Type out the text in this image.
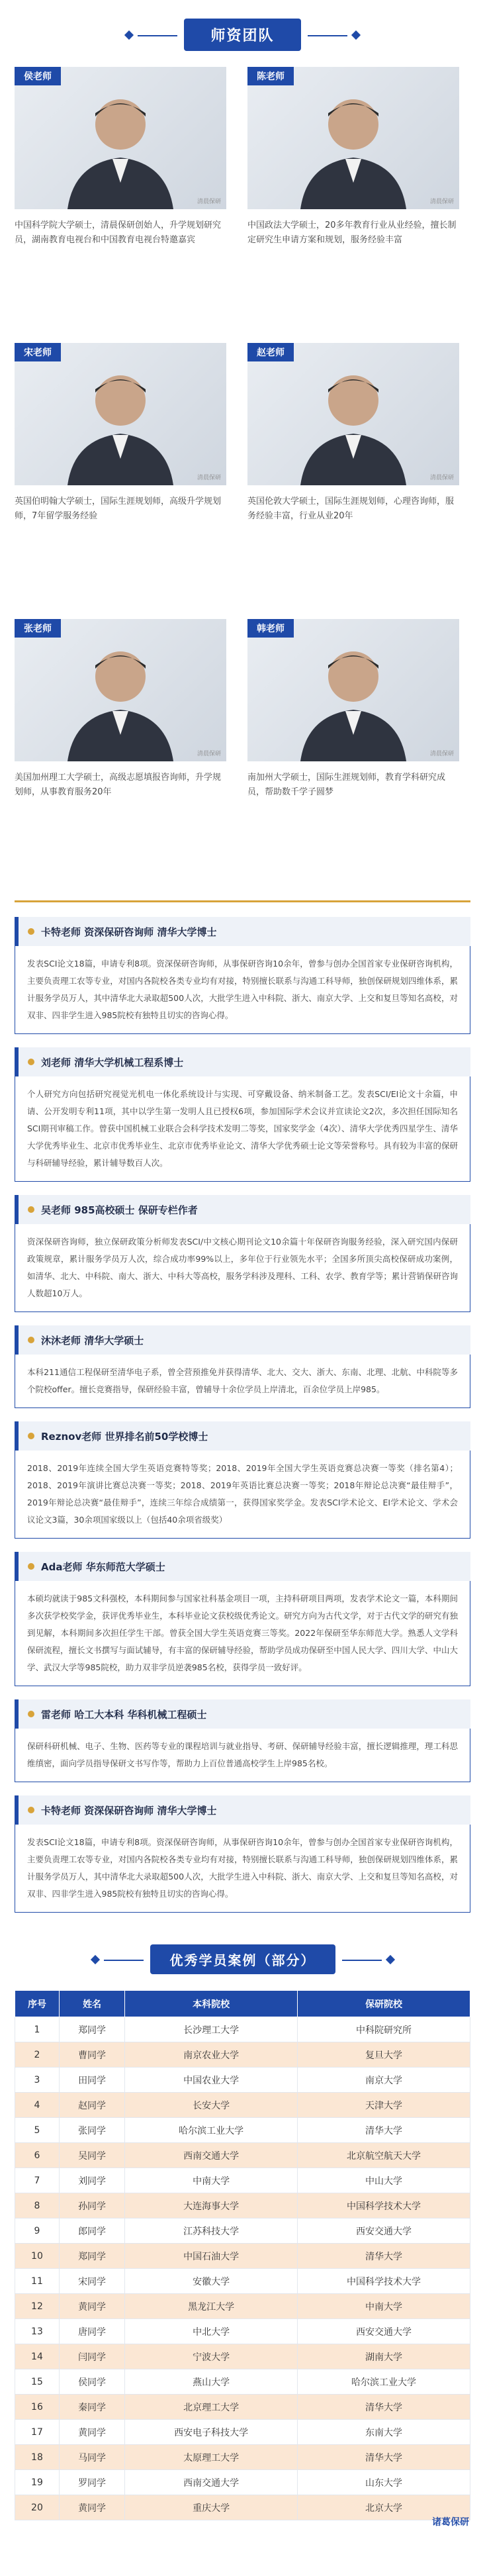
师资团队
侯老师
清晨保研

中国科学院大学硕士，清晨保研创始人，升学规划研究员，湖南教育电视台和中国教育电视台特邀嘉宾

陈老师
清晨保研

中国政法大学硕士，20多年教育行业从业经验，擅长制定研究生申请方案和规划，服务经验丰富

宋老师
清晨保研

英国伯明翰大学硕士，国际生涯规划师，高级升学规划师，7年留学服务经验

赵老师
清晨保研

英国伦敦大学硕士，国际生涯规划师，心理咨询师，服务经验丰富，行业从业20年

张老师
清晨保研

美国加州理工大学硕士，高级志愿填报咨询师，升学规划师，从事教育服务20年

韩老师
清晨保研

南加州大学硕士，国际生涯规划师，教育学科研究成员，帮助数千学子圆梦

卡特老师 资深保研咨询师 清华大学博士
发表SCI论文18篇，申请专利8项。资深保研咨询师，从事保研咨询10余年，曾参与创办全国首家专业保研咨询机构，主要负责理工农等专业，对国内各院校各类专业均有对接，特别擅长联系与沟通工科导师，独创保研规划四维体系，累计服务学员万人，其中清华北大录取超500人次，大批学生进入中科院、浙大、南京大学、上交和复旦等知名高校，对双非、四非学生进入985院校有独特且切实的咨询心得。
刘老师 清华大学机械工程系博士
个人研究方向包括研究视觉光机电一体化系统设计与实现、可穿戴设备、纳米制备工艺。发表SCI/EI论文十余篇，申请、公开发明专利11项，其中以学生第一发明人且已授权6项，参加国际学术会议并宣读论文2次，多次担任国际知名SCI期刊审稿工作。曾获中国机械工业联合会科学技术发明二等奖，国家奖学金（4次）、清华大学优秀四星学生、清华大学优秀毕业生、北京市优秀毕业生、北京市优秀毕业论文、清华大学优秀硕士论文等荣誉称号。具有较为丰富的保研与科研辅导经验，累计辅导数百人次。
吴老师 985高校硕士 保研专栏作者
资深保研咨询师，独立保研政策分析师发表SCI/中文核心期刊论文10余篇十年保研咨询服务经验，深入研究国内保研政策规章，累计服务学员万人次，综合成功率99%以上，多年位于行业领先水平；全国多所顶尖高校保研成功案例，如清华、北大、中科院、南大、浙大、中科大等高校，服务学科涉及理科、工科、农学、教育学等；累计营销保研咨询人数超10万人。
沐沐老师 清华大学硕士
本科211通信工程保研至清华电子系，曾全营预推免并获得清华、北大、交大、浙大、东南、北理、北航、中科院等多个院校offer。擅长竞赛指导，保研经验丰富，曾辅导十余位学员上岸清北，百余位学员上岸985。
Reznov老师 世界排名前50学校博士
2018、2019年连续全国大学生英语竞赛特等奖；2018、2019年全国大学生英语竞赛总决赛一等奖（排名第4）；2018、2019年演讲比赛总决赛一等奖；2018、2019年英语比赛总决赛一等奖；2018年辩论总决赛“最佳辩手”，2019年辩论总决赛“最佳辩手”，连续三年综合成绩第一，获得国家奖学金。发表SCI学术论文、EI学术论文、学术会议论文3篇，30余项国家级以上（包括40余项省级奖）
Ada老师 华东师范大学硕士
本硕均就读于985文科强校，本科期间参与国家社科基金项目一项，主持科研项目两项，发表学术论文一篇，本科期间多次获学校奖学金，获评优秀毕业生，本科毕业论文获校级优秀论文。研究方向为古代文学，对于古代文学的研究有独到见解，本科期间多次担任学生干部。曾获全国大学生英语竞赛三等奖。2022年保研至华东师范大学。熟悉人文学科保研流程，擅长文书撰写与面试辅导，有丰富的保研辅导经验，帮助学员成功保研至中国人民大学、四川大学、中山大学、武汉大学等985院校，助力双非学员逆袭985名校，获得学员一致好评。
雷老师 哈工大本科 华科机械工程硕士
保研科研机械、电子、生物、医药等专业的课程培训与就业指导、考研、保研辅导经验丰富，擅长逻辑推理，理工科思维缜密，面向学员指导保研文书写作等，帮助力上百位普通高校学生上岸985名校。
卡特老师 资深保研咨询师 清华大学博士
发表SCI论文18篇，申请专利8项。资深保研咨询师，从事保研咨询10余年，曾参与创办全国首家专业保研咨询机构，主要负责理工农等专业，对国内各院校各类专业均有对接，特别擅长联系与沟通工科导师，独创保研规划四维体系，累计服务学员万人，其中清华北大录取超500人次，大批学生进入中科院、浙大、南京大学、上交和复旦等知名高校，对双非、四非学生进入985院校有独特且切实的咨询心得。
优秀学员案例（部分）
序号	姓名	本科院校	保研院校
1	郑同学	长沙理工大学	中科院研究所
2	曹同学	南京农业大学	复旦大学
3	田同学	中国农业大学	南京大学
4	赵同学	长安大学	天津大学
5	张同学	哈尔滨工业大学	清华大学
6	吴同学	西南交通大学	北京航空航天大学
7	刘同学	中南大学	中山大学
8	孙同学	大连海事大学	中国科学技术大学
9	郎同学	江苏科技大学	西安交通大学
10	郑同学	中国石油大学	清华大学
11	宋同学	安徽大学	中国科学技术大学
12	黄同学	黑龙江大学	中南大学
13	唐同学	中北大学	西安交通大学
14	闫同学	宁波大学	湖南大学
15	侯同学	燕山大学	哈尔滨工业大学
16	秦同学	北京理工大学	清华大学
17	黄同学	西安电子科技大学	东南大学
18	马同学	太原理工大学	清华大学
19	罗同学	西南交通大学	山东大学
20	黄同学	重庆大学	北京大学
诸葛保研
